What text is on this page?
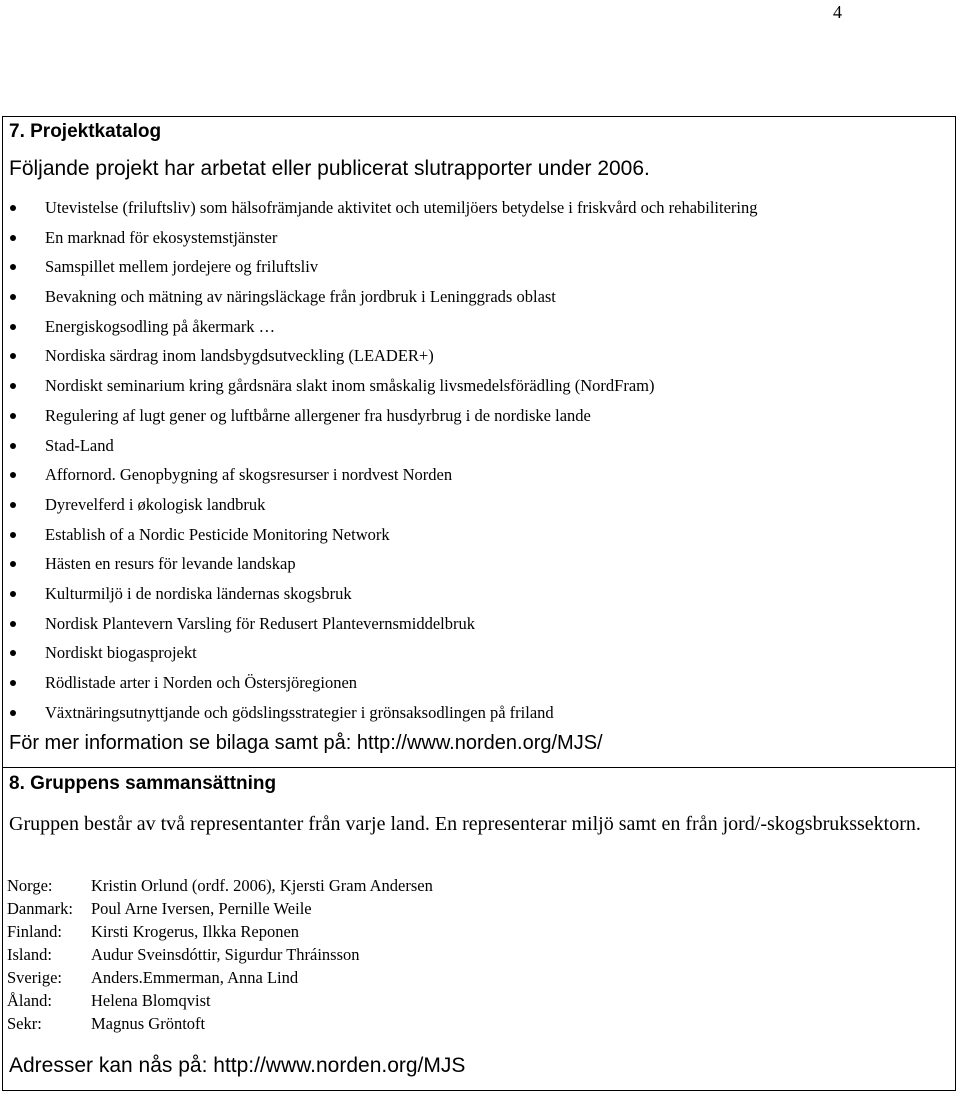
4
7. Projektkatalog
Följande projekt har arbetat eller publicerat slutrapporter under 2006.
Utevistelse (friluftsliv) som hälsofrämjande aktivitet och utemiljöers betydelse i friskvård och rehabilitering
En marknad för ekosystemstjänster
Samspillet mellem jordejere og friluftsliv
Bevakning och mätning av näringsläckage från jordbruk i Leninggrads oblast
Energiskogsodling på åkermark …
Nordiska särdrag inom landsbygdsutveckling (LEADER+)
Nordiskt seminarium kring gårdsnära slakt inom småskalig livsmedelsförädling (NordFram)
Regulering af lugt gener og luftbårne allergener fra husdyrbrug i de nordiske lande
Stad-Land
Affornord. Genopbygning af skogsresurser i nordvest Norden
Dyrevelferd i økologisk landbruk
Establish of a Nordic Pesticide Monitoring Network
Hästen en resurs för levande landskap
Kulturmiljö i de nordiska ländernas skogsbruk
Nordisk Plantevern Varsling för Redusert Plantevernsmiddelbruk
Nordiskt biogasprojekt
Rödlistade arter i Norden och Östersjöregionen
Växtnäringsutnyttjande och gödslingsstrategier i grönsaksodlingen på friland
För mer information se bilaga samt på: http://www.norden.org/MJS/
8. Gruppens sammansättning
Gruppen består av två representanter från varje land. En representerar miljö samt en från jord/-skogsbrukssektorn.
Norge:	Kristin Orlund (ordf. 2006), Kjersti Gram Andersen
Danmark:	Poul Arne Iversen, Pernille Weile
Finland:	Kirsti Krogerus, Ilkka Reponen
Island:	Audur Sveinsdóttir, Sigurdur Thráinsson
Sverige:	Anders.Emmerman, Anna Lind
Åland:	Helena Blomqvist
Sekr:	Magnus Gröntoft
Adresser kan nås på: http://www.norden.org/MJS
